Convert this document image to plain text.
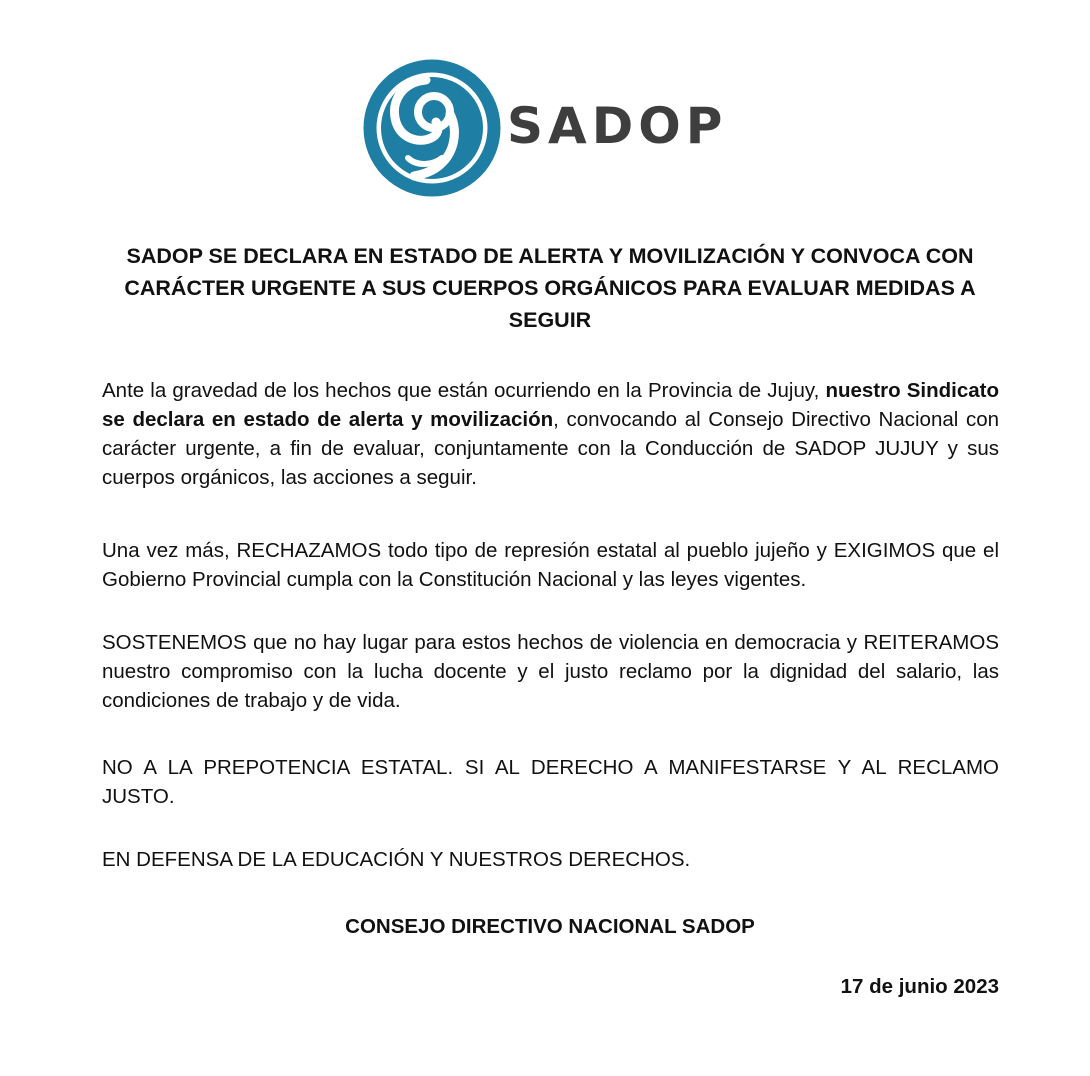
SADOP

SADOP SE DECLARA EN ESTADO DE ALERTA Y MOVILIZACIÓN Y CONVOCA CON CARÁCTER URGENTE A SUS CUERPOS ORGÁNICOS PARA EVALUAR MEDIDAS A SEGUIR

Ante la gravedad de los hechos que están ocurriendo en la Provincia de Jujuy, nuestro Sindicato se declara en estado de alerta y movilización, convocando al Consejo Directivo Nacional con carácter urgente, a fin de evaluar, conjuntamente con la Conducción de SADOP JUJUY y sus cuerpos orgánicos, las acciones a seguir.

Una vez más, RECHAZAMOS todo tipo de represión estatal al pueblo jujeño y EXIGIMOS que el Gobierno Provincial cumpla con la Constitución Nacional y las leyes vigentes.

SOSTENEMOS que no hay lugar para estos hechos de violencia en democracia y REITERAMOS nuestro compromiso con la lucha docente y el justo reclamo por la dignidad del salario, las condiciones de trabajo y de vida.

NO A LA PREPOTENCIA ESTATAL. SI AL DERECHO A MANIFESTARSE Y AL RECLAMO JUSTO.

EN DEFENSA DE LA EDUCACIÓN Y NUESTROS DERECHOS.

CONSEJO DIRECTIVO NACIONAL SADOP

17 de junio 2023
